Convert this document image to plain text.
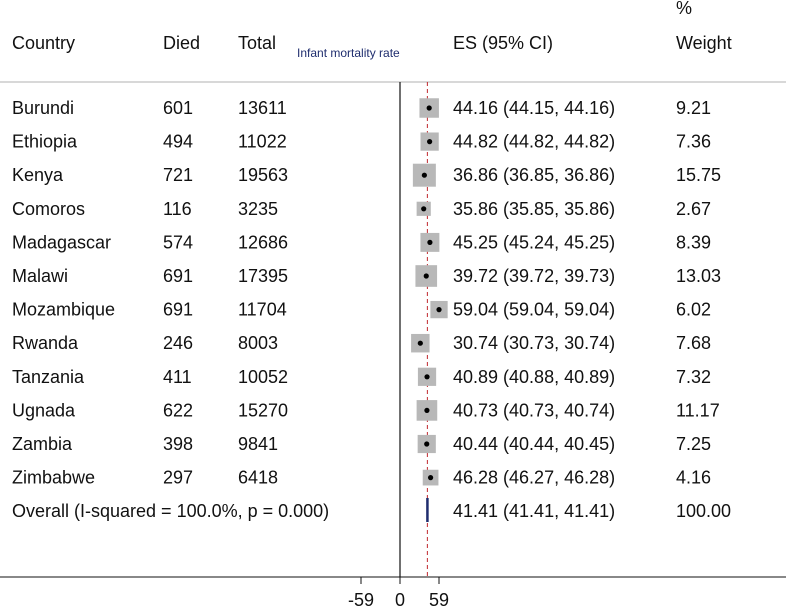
Country	Died Total Infant mortality rate	ES (95% CI)
%
Weight
Burundi	601 13611	44.16 (44.15, 44.16)	9.21
Ethiopia	494 11022	44.82 (44.82, 44.82)	7.36
Kenya	721 19563	36.86 (36.85, 36.86)	15.75
Comoros	116	3235	35.86 (35.85, 35.86)	2.67
Madagascar	574 12686	45.25 (45.24, 45.25)	8.39
Malawi	691 17395	39.72 (39.72, 39.73)	13.03
Mozambique	691 11704	59.04 (59.04, 59.04)	6.02
Rwanda	246 8003	30.74 (30.73, 30.74)	7.68
Tanzania	411	10052	40.89 (40.88, 40.89)	7.32
Ugnada	622 15270	40.73 (40.73, 40.74)	11.17
Zambia	398 9841	40.44 (40.44, 40.45)	7.25
Zimbabwe	297 6418	46.28 (46.27, 46.28)	4.16
Overall (I-squared = 100.0%, p = 0.000)	41.41 (41.41, 41.41)	100.00
-59 0 59
